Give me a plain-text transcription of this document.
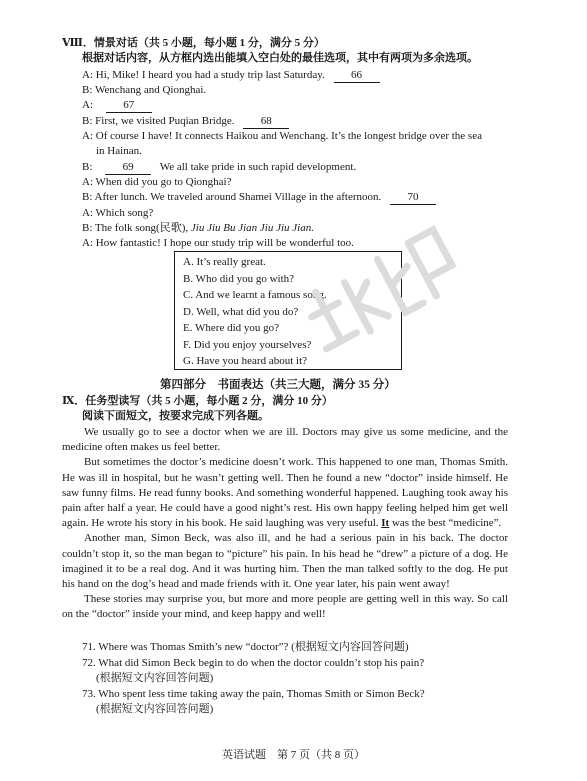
Ⅷ．情景对话（共 5 小题，每小题 1 分，满分 5 分）
根据对话内容，从方框内选出能填入空白处的最佳选项，其中有两项为多余选项。
A: Hi, Mike! I heard you had a study trip last Saturday. 66
B: Wenchang and Qionghai.
A:	67
B: First, we visited Puqian Bridge. 68
A: Of course I have! It connects Haikou and Wenchang. It’s the longest bridge over the sea
in Hainan.
B:	69 We all take pride in such rapid development.
A: When did you go to Qionghai?
B: After lunch. We traveled around Shamei Village in the afternoon. 70
A: Which song?
B: The folk song(民歌), Jiu Jiu Bu Jian Jiu Jiu Jian.
A: How fantastic! I hope our study trip will be wonderful too.
A. It’s really great.
B. Who did you go with?
C. And we learnt a famous song.
D. Well, what did you do?
E. Where did you go?
F. Did you enjoy yourselves?
G. Have you heard about it?
第四部分　书面表达（共三大题，满分 35 分）
Ⅸ．任务型读写（共 5 小题，每小题 2 分，满分 10 分）
阅读下面短文，按要求完成下列各题。

We usually go to see a doctor when we are ill. Doctors may give us some medicine, and the medicine often makes us feel better.

But sometimes the doctor’s medicine doesn’t work. This happened to one man, Thomas Smith. He was ill in hospital, but he wasn’t getting well. Then he found a new “doctor” inside himself. He saw funny films. He read funny books. And something wonderful happened. Laughing took away his pain after half a year. He could have a good night’s rest. His own happy feeling helped him get well again. He wrote his story in his book. He said laughing was very useful. It was the best “medicine”.

Another man, Simon Beck, was also ill, and he had a serious pain in his back. The doctor couldn’t stop it, so the man began to “picture” his pain. In his head he “drew” a picture of a dog. He imagined it to be a real dog. And it was hurting him. Then the man talked softly to the dog. He put his hand on the dog’s head and made friends with it. One year later, his pain went away!

These stories may surprise you, but more and more people are getting well in this way. So call on the “doctor” inside your mind, and keep happy and well!

71. Where was Thomas Smith’s new “doctor”? (根据短文内容回答问题)
72. What did Simon Beck begin to do when the doctor couldn’t stop his pain?
(根据短文内容回答问题)
73. Who spent less time taking away the pain, Thomas Smith or Simon Beck?
(根据短文内容回答问题)
英语试题　第 7 页（共 8 页）
